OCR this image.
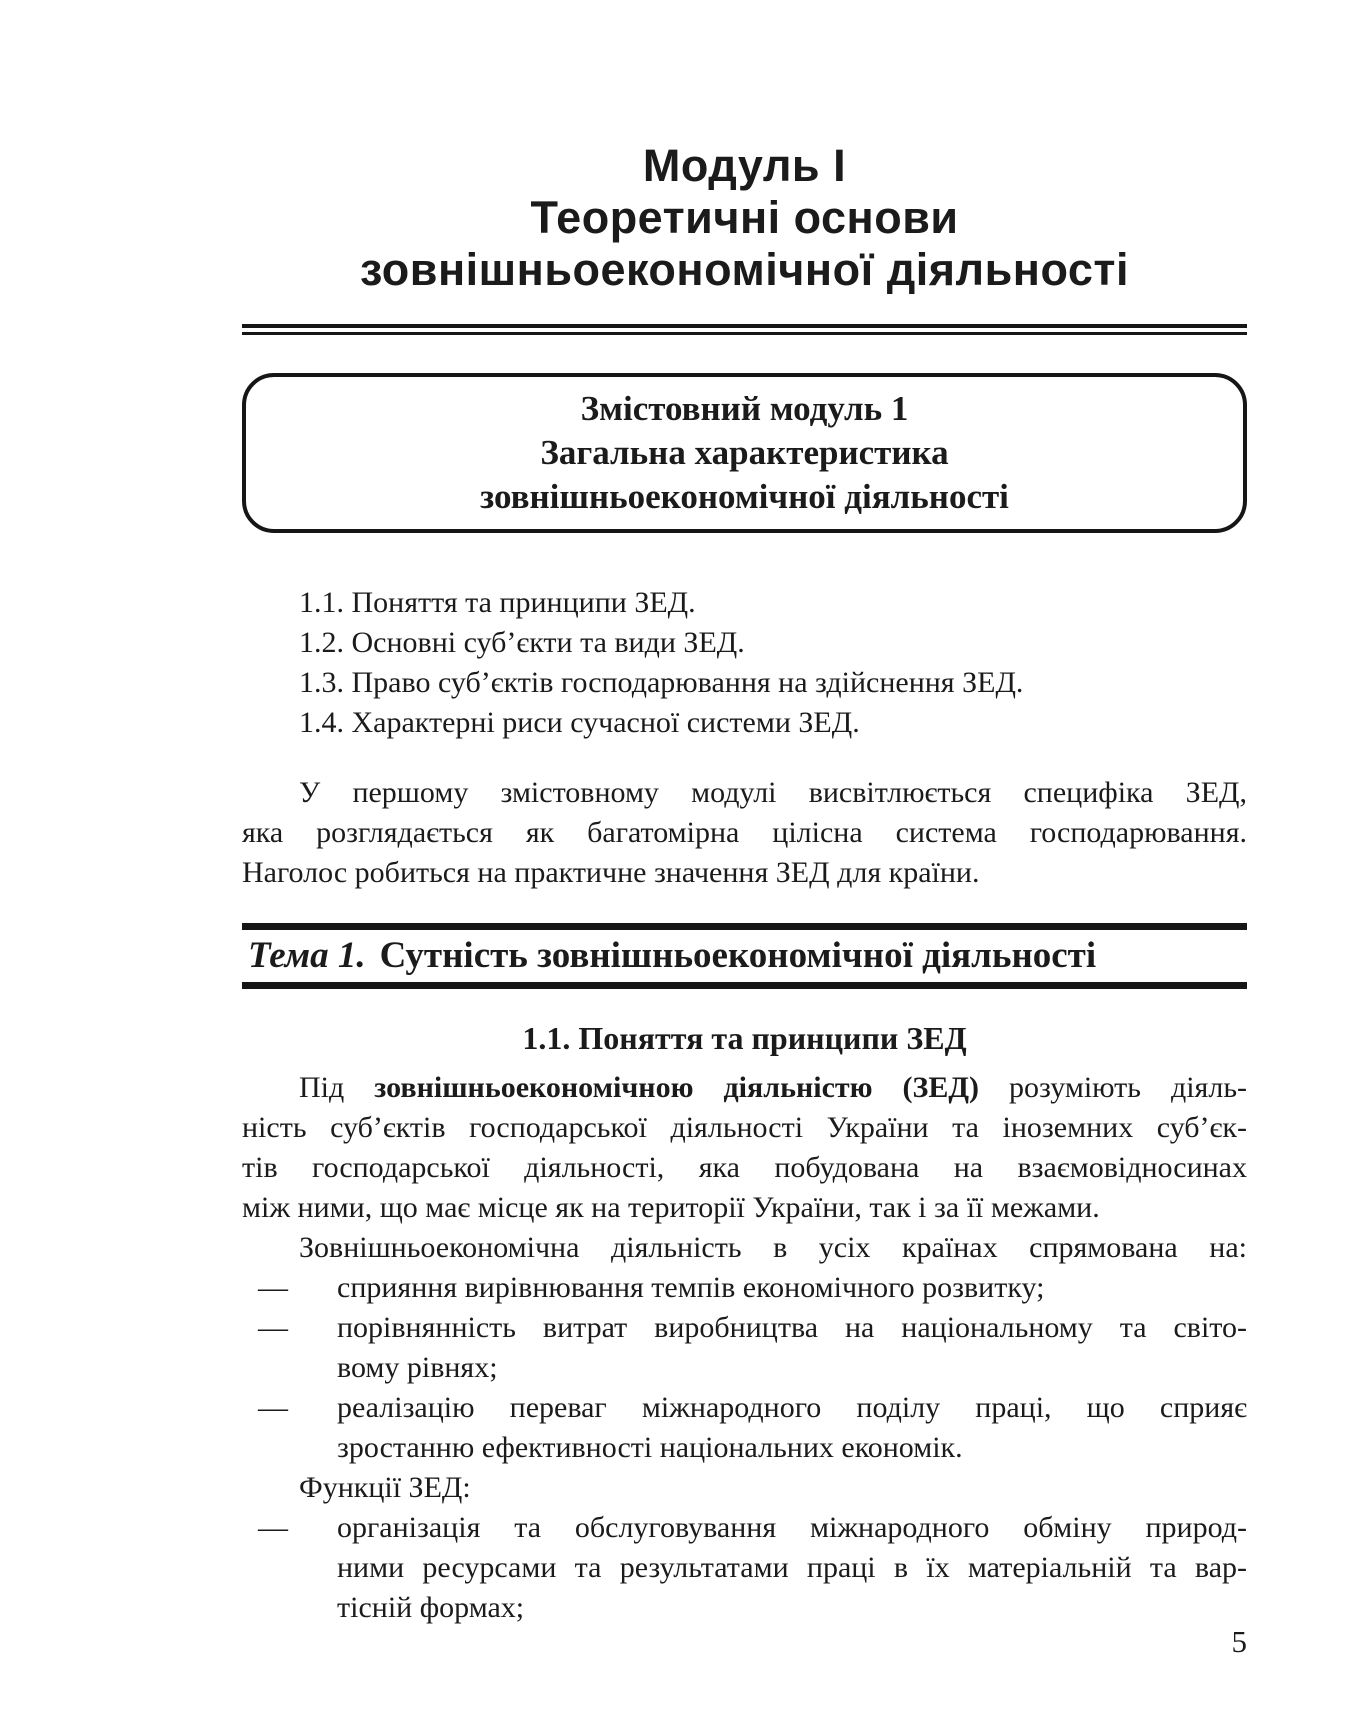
Модуль І
Теоретичні основи
зовнішньоекономічної діяльності
Змістовний модуль 1
Загальна характеристика
зовнішньоекономічної діяльності
1.1. Поняття та принципи ЗЕД.
1.2. Основні суб’єкти та види ЗЕД.
1.3. Право суб’єктів господарювання на здійснення ЗЕД.
1.4. Характерні риси сучасної системи ЗЕД.
У першому змістовному модулі висвітлюється специфіка ЗЕД,
яка розглядається як багатомірна цілісна система господарювання.
Наголос робиться на практичне значення ЗЕД для країни.
Тема 1. Сутність зовнішньоекономічної діяльності
1.1. Поняття та принципи ЗЕД
Під зовнішньоекономічною діяльністю (ЗЕД) розуміють діяль-
ність суб’єктів господарської діяльності України та іноземних суб’єк-
тів господарської діяльності, яка побудована на взаємовідносинах
між ними, що має місце як на території України, так і за її межами.
Зовнішньоекономічна діяльність в усіх країнах спрямована на:
— сприяння вирівнювання темпів економічного розвитку;
— порівнянність витрат виробництва на національному та світо-
вому рівнях;
— реалізацію переваг міжнародного поділу праці, що сприяє
зростанню ефективності національних економік.
Функції ЗЕД:
— організація та обслуговування міжнародного обміну природ-
ними ресурсами та результатами праці в їх матеріальній та вар-
тісній формах;
5
